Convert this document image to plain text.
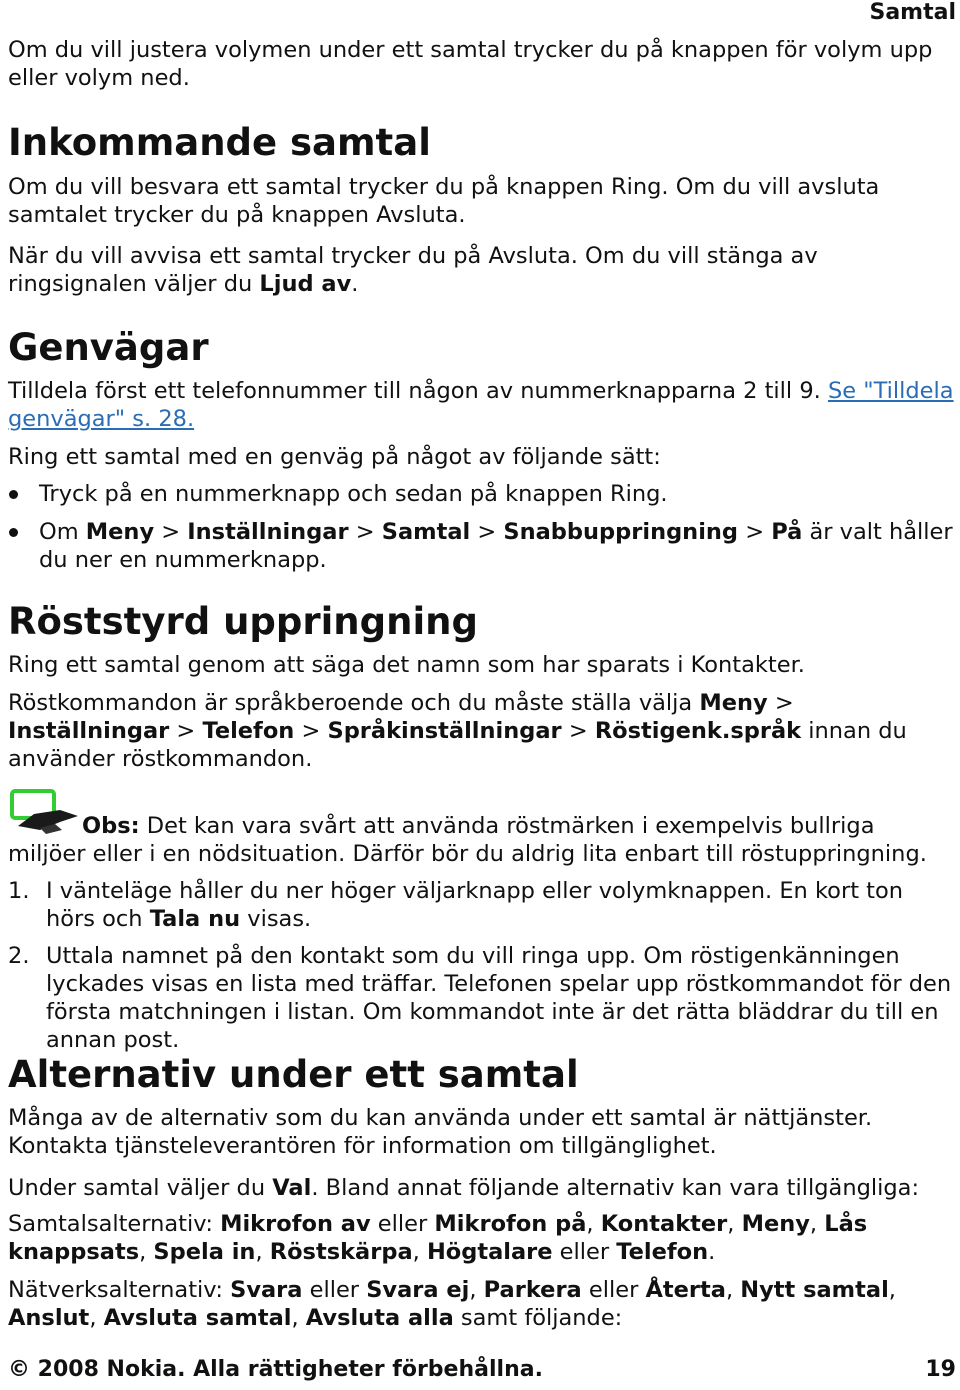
Samtal

Om du vill justera volymen under ett samtal trycker du på knappen för volym upp eller volym ned.

Inkommande samtal

Om du vill besvara ett samtal trycker du på knappen Ring. Om du vill avsluta samtalet trycker du på knappen Avsluta.

När du vill avvisa ett samtal trycker du på Avsluta. Om du vill stänga av ringsignalen väljer du Ljud av.

Genvägar

Tilldela först ett telefonnummer till någon av nummerknapparna 2 till 9. Se "Tilldela genvägar" s. 28.

Ring ett samtal med en genväg på något av följande sätt:

Tryck på en nummerknapp och sedan på knappen Ring.
Om Meny > Inställningar > Samtal > Snabbuppringning > På är valt håller du ner en nummerknapp.
Röststyrd uppringning

Ring ett samtal genom att säga det namn som har sparats i Kontakter.

Röstkommandon är språkberoende och du måste ställa välja Meny > Inställningar > Telefon > Språkinställningar > Röstigenk.språk innan du använder röstkommandon.

Obs: Det kan vara svårt att använda röstmärken i exempelvis bullriga miljöer eller i en nödsituation. Därför bör du aldrig lita enbart till röstuppringning.

1. I vänteläge håller du ner höger väljarknapp eller volymknappen. En kort ton hörs och Tala nu visas.
2. Uttala namnet på den kontakt som du vill ringa upp. Om röstigenkänningen lyckades visas en lista med träffar. Telefonen spelar upp röstkommandot för den första matchningen i listan. Om kommandot inte är det rätta bläddrar du till en annan post.
Alternativ under ett samtal

Många av de alternativ som du kan använda under ett samtal är nättjänster. Kontakta tjänsteleverantören för information om tillgänglighet.

Under samtal väljer du Val. Bland annat följande alternativ kan vara tillgängliga:

Samtalsalternativ: Mikrofon av eller Mikrofon på, Kontakter, Meny, Lås knappsats, Spela in, Röstskärpa, Högtalare eller Telefon.

Nätverksalternativ: Svara eller Svara ej, Parkera eller Återta, Nytt samtal, Anslut, Avsluta samtal, Avsluta alla samt följande:

© 2008 Nokia. Alla rättigheter förbehållna.	19
